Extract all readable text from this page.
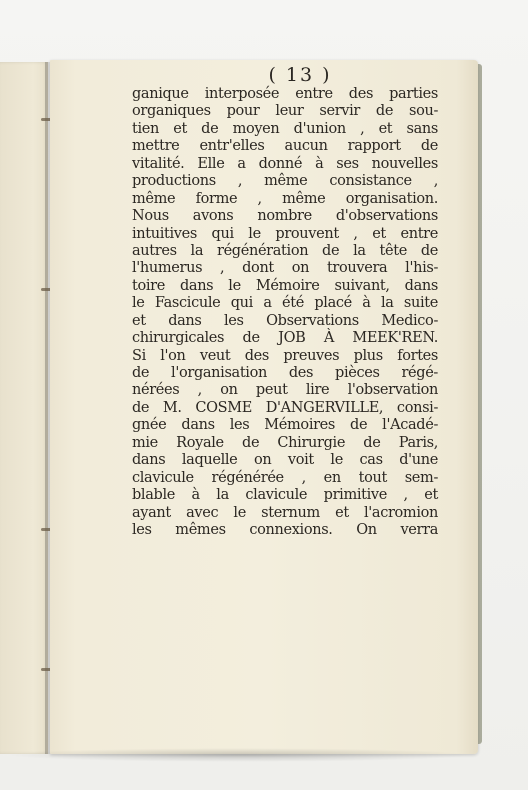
( 13 )
ganique interposée entre des parties
organiques pour leur servir de sou-
tien et de moyen d'union , et sans
mettre entr'elles aucun rapport de
vitalité. Elle a donné à ses nouvelles
productions , même consistance ,
même forme , même organisation.
Nous avons nombre d'observations
intuitives qui le prouvent , et entre
autres la régénération de la tête de
l'humerus , dont on trouvera l'his-
toire dans le Mémoire suivant, dans
le Fascicule qui a été placé à la suite
et dans les Observations Medico-
chirurgicales de JOB À MEEK'REN.
Si l'on veut des preuves plus fortes
de l'organisation des pièces régé-
nérées , on peut lire l'observation
de M. COSME D'ANGERVILLE, consi-
gnée dans les Mémoires de l'Acadé-
mie Royale de Chirurgie de Paris,
dans laquelle on voit le cas d'une
clavicule régénérée , en tout sem-
blable à la clavicule primitive , et
ayant avec le sternum et l'acromion
les mêmes connexions. On verra
